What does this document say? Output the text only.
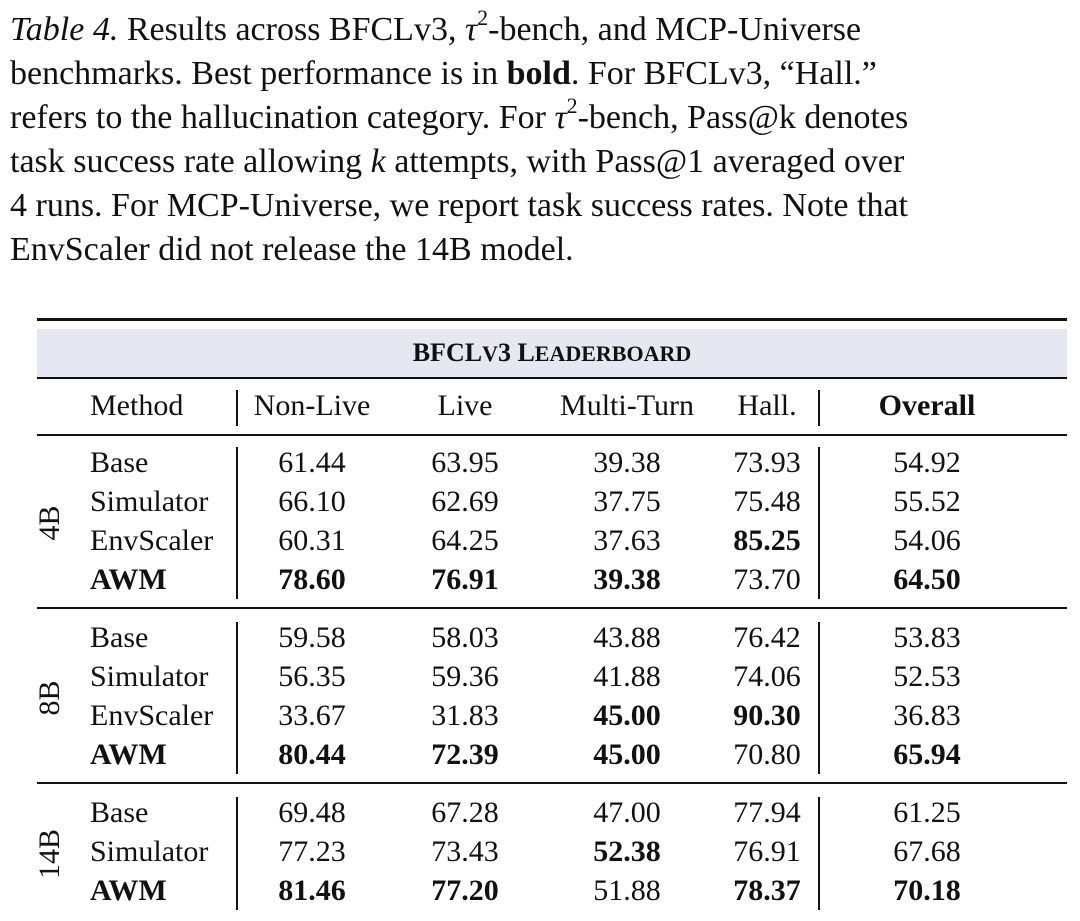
Table 4. Results across BFCLv3, $\tau^2$-bench, and MCP-Universe
benchmarks. Best performance is in bold. For BFCLv3, “Hall.”
refers to the hallucination category. For $\tau^2$-bench, Pass@k denotes
task success rate allowing k attempts, with Pass@1 averaged over
4 runs. For MCP-Universe, we report task success rates. Note that
EnvScaler did not release the 14B model.
BFCLV3 LEADERBOARD
Method	Non-Live	Live	Multi-Turn	Hall.	Overall
4B
Base	61.44	63.95	39.38	73.93	54.92
Simulator	66.10	62.69	37.75	75.48	55.52
EnvScaler	60.31	64.25	37.63	85.25	54.06
AWM	78.60	76.91	39.38	73.70	64.50
8B
Base	59.58	58.03	43.88	76.42	53.83
Simulator	56.35	59.36	41.88	74.06	52.53
EnvScaler	33.67	31.83	45.00	90.30	36.83
AWM	80.44	72.39	45.00	70.80	65.94
14B
Base	69.48	67.28	47.00	77.94	61.25
Simulator	77.23	73.43	52.38	76.91	67.68
AWM	81.46	77.20	51.88	78.37	70.18
